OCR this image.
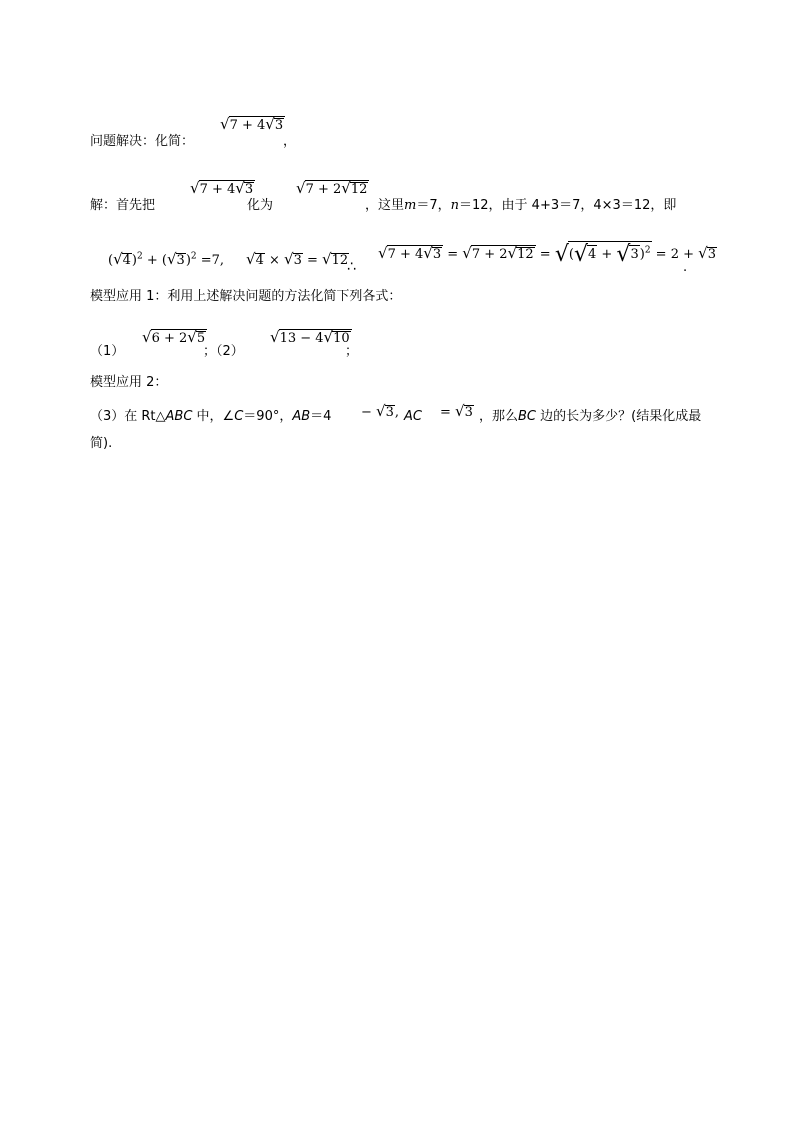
问题解决：化简：
√7 + 4√3
，
解：首先把
√7 + 4√3
化为
√7 + 2√12
，这里m＝7，n＝12，由于 4+3＝7，4×3＝12，即
$(√4)^2 + (√3)^2 =7$, √4 × √3 = √12
∴
$√7 + 4√3 = √7 + 2√12 = √(√4 + √3)^2 = 2 + √3$
.
模型应用 1：利用上述解决问题的方法化简下列各式：
（1）
√6 + 2√5
；（2）
√13 − 4√10
；
模型应用 2：
（3）在 Rt△ABC 中，∠C＝90°，AB＝4 − √3, AC = √3 ，那么BC 边的长为多少？(结果化成最
简).
